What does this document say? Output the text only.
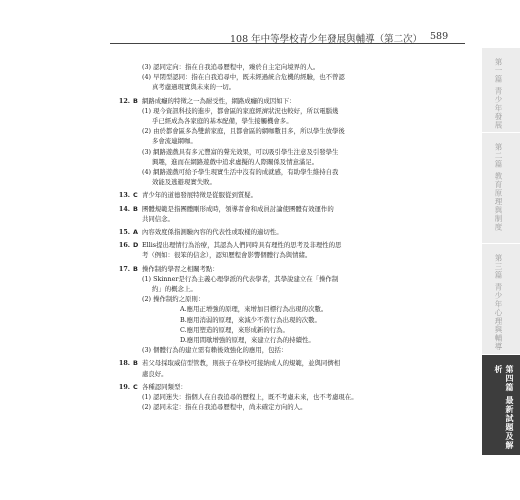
108 年中等學校青少年發展與輔導（第二次） 589
(3) 認同定向：指在自我追尋歷程中，臻於自主定向境界的人。
(4) 早閉型認同：指在自我追尋中，既未經過統合危機的經驗，也不曾認
真考慮過現實與未來的一切。
12. B 網路成癮的特徵之一為耐受性，網路成癮的成因如下：
(1) 現今資訊科技的進步，都會區的家庭經濟狀況也較好，所以電腦幾
乎已經成為各家庭的基本配備，學生接觸機會多。
(2) 由於都會區多為雙薪家庭，且都會區的網咖數目多，所以學生放學後
多會流連網咖。
(3) 網路遊戲具有多元豐富的聲光效果，可以吸引學生注意及引發學生
興趣，進而在網路遊戲中追求虛擬的人際關係及情意滿足。
(4) 網路遊戲可給予學生現實生活中沒有的成就感，有助學生維持自我
效能及逃避現實失敗。
13. C 青少年的道德發展特徵是從服從到質疑。
14. B 團體規範是指團體剛形成時，領導者會和成員討論使團體有效運作的
共同信念。
15. A 內容效度係指測驗內容的代表性或取樣的適切性。
16. D Ellis提出理情行為治療，其認為人們同時具有理性的思考及非理性的思
考（例如：很笨的信念），認知歷程會影響個體行為與情緒。
17. B 操作制約學習之相關考點：
(1) Skinner是行為主義心理學派的代表學者，其學說建立在「操作制
約」的概念上。
(2) 操作制約之原則：
A.應用正增強的原理，來增加目標行為出現的次數。
B.應用消弱的原理，來減少不當行為出現的次數。
C.應用塑造的原理，來形成新的行為。
D.應用間歇增強的原理，來建立行為的持續性。
(3) 個體行為的建立需有賴後效強化的應用，包括：
18. B 若父母採取威信型管教，則孩子在學校可接納成人的規範，並與同儕相
處良好。
19. C 各種認同類型：
(1) 認同迷失：指個人在自我追尋的歷程上，既不考慮未來，也不考慮現在。
(2) 認同未定：指在自我追尋歷程中，尚未確定方向的人。
第一篇 青少年發展
第二篇 教育原理與制度
第三篇 青少年心理與輔導
第四篇 最新試題及解析
